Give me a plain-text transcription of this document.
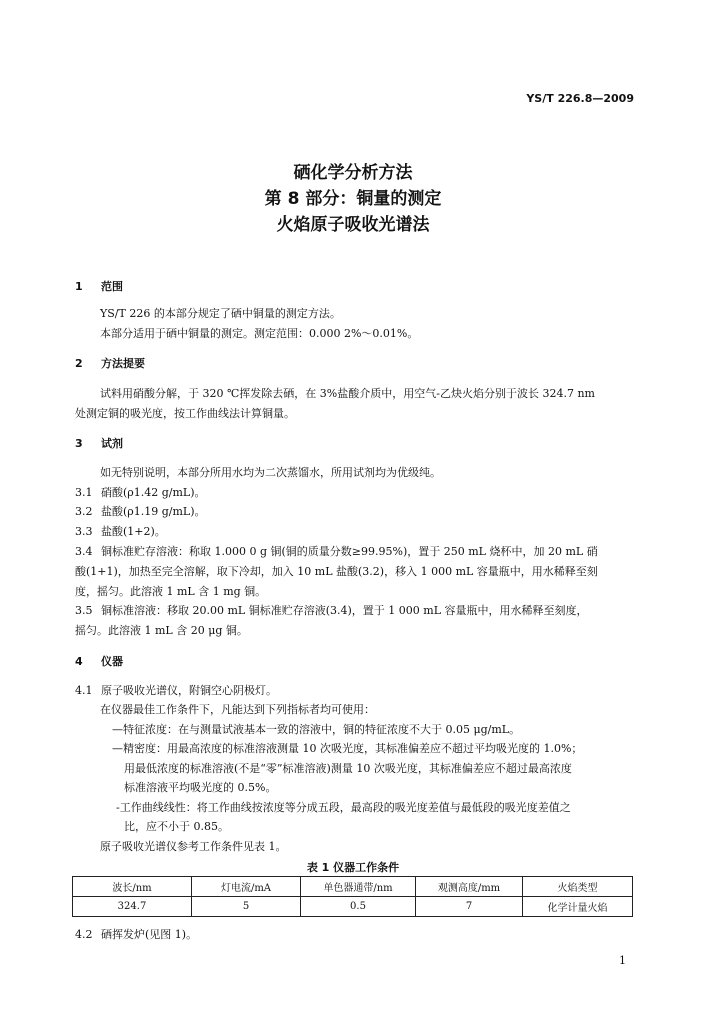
YS/T 226.8—2009
硒化学分析方法
第 8 部分：铜量的测定
火焰原子吸收光谱法
1 范围
YS/T 226 的本部分规定了硒中铜量的测定方法。
本部分适用于硒中铜量的测定。测定范围：0.000 2%～0.01%。
2 方法提要
试料用硝酸分解，于 320 ℃挥发除去硒，在 3%盐酸介质中，用空气-乙炔火焰分别于波长 324.7 nm
处测定铜的吸光度，按工作曲线法计算铜量。
3 试剂
如无特别说明，本部分所用水均为二次蒸馏水，所用试剂均为优级纯。
3.1 硝酸(ρ1.42 g/mL)。
3.2 盐酸(ρ1.19 g/mL)。
3.3 盐酸(1+2)。
3.4 铜标准贮存溶液：称取 1.000 0 g 铜(铜的质量分数≥99.95%)，置于 250 mL 烧杯中，加 20 mL 硝
酸(1+1)，加热至完全溶解，取下冷却，加入 10 mL 盐酸(3.2)，移入 1 000 mL 容量瓶中，用水稀释至刻
度，摇匀。此溶液 1 mL 含 1 mg 铜。
3.5 铜标准溶液：移取 20.00 mL 铜标准贮存溶液(3.4)，置于 1 000 mL 容量瓶中，用水稀释至刻度，
摇匀。此溶液 1 mL 含 20 μg 铜。
4 仪器
4.1 原子吸收光谱仪，附铜空心阴极灯。
在仪器最佳工作条件下，凡能达到下列指标者均可使用：
—特征浓度：在与测量试液基本一致的溶液中，铜的特征浓度不大于 0.05 μg/mL。
—精密度：用最高浓度的标准溶液测量 10 次吸光度，其标准偏差应不超过平均吸光度的 1.0%；
用最低浓度的标准溶液(不是“零”标准溶液)测量 10 次吸光度，其标准偏差应不超过最高浓度
标准溶液平均吸光度的 0.5%。
-工作曲线线性：将工作曲线按浓度等分成五段，最高段的吸光度差值与最低段的吸光度差值之
比，应不小于 0.85。
原子吸收光谱仪参考工作条件见表 1。
表 1 仪器工作条件
波长/nm	灯电流/mA	单色器通带/nm	观测高度/mm	火焰类型
324.7	5	0.5	7	化学计量火焰
4.2 硒挥发炉(见图 1)。
1
